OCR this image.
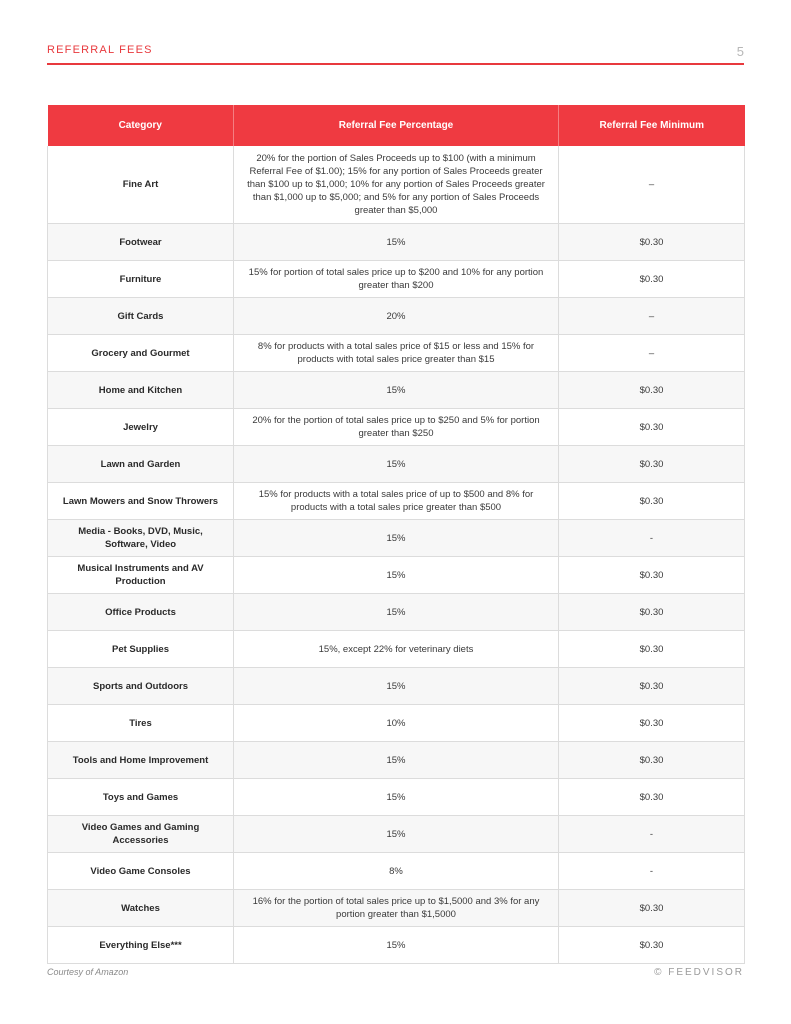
REFERRAL FEES	5
Category	Referral Fee Percentage	Referral Fee Minimum
Fine Art	20% for the portion of Sales Proceeds up to $100 (with a minimum Referral Fee of $1.00); 15% for any portion of Sales Proceeds greater than $100 up to $1,000; 10% for any portion of Sales Proceeds greater than $1,000 up to $5,000; and 5% for any portion of Sales Proceeds greater than $5,000	–
Footwear	15%	$0.30
Furniture	15% for portion of total sales price up to $200 and 10% for any portion greater than $200	$0.30
Gift Cards	20%	–
Grocery and Gourmet	8% for products with a total sales price of $15 or less and 15% for products with total sales price greater than $15	–
Home and Kitchen	15%	$0.30
Jewelry	20% for the portion of total sales price up to $250 and 5% for portion greater than $250	$0.30
Lawn and Garden	15%	$0.30
Lawn Mowers and Snow Throwers	15% for products with a total sales price of up to $500 and 8% for products with a total sales price greater than $500	$0.30
Media - Books, DVD, Music, Software, Video	15%	-
Musical Instruments and AV Production	15%	$0.30
Office Products	15%	$0.30
Pet Supplies	15%, except 22% for veterinary diets	$0.30
Sports and Outdoors	15%	$0.30
Tires	10%	$0.30
Tools and Home Improvement	15%	$0.30
Toys and Games	15%	$0.30
Video Games and Gaming Accessories	15%	-
Video Game Consoles	8%	-
Watches	16% for the portion of total sales price up to $1,5000 and 3% for any portion greater than $1,5000	$0.30
Everything Else***	15%	$0.30
Courtesy of Amazon	© FEEDVISOR
